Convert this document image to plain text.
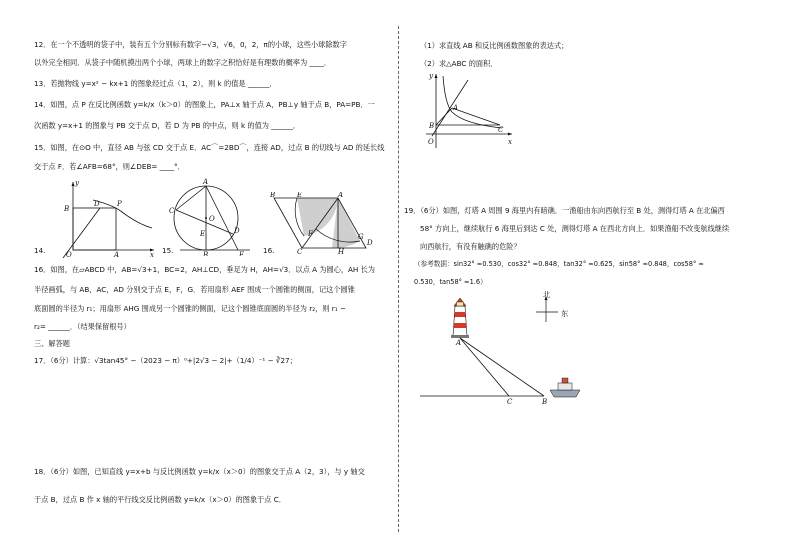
12．在一个不透明的袋子中，装有五个分别标有数字−√3，√6，0，2，π的小球，这些小球除数字
以外完全相同．从袋子中随机摸出两个小球，两球上的数字之积恰好是有理数的概率为 ____．
13．若抛物线 y=x² − kx+1 的图象经过点（1，2），则 k 的值是 ______．
14．如图，点 P 在反比例函数 y=k/x（k＞0）的图象上，PA⊥x 轴于点 A，PB⊥y 轴于点 B，PA=PB．一
次函数 y=x+1 的图象与 PB 交于点 D，若 D 为 PB 的中点，则 k 的值为 ______．
15．如图，在⊙O 中，直径 AB 与弦 CD 交于点 E．AC⌒=2BD⌒，连接 AD，过点 B 的切线与 AD 的延长线
交于点 F．若∠AFB=68°，则∠DEB= ____°．
B
D P
A
O	x
y
14.
A
C
O
E	D
B	F
15.
B	E	A
F
C	H
D
G
16.
16．如图，在▱ABCD 中，AB=√3+1，BC=2，AH⊥CD，垂足为 H，AH=√3．以点 A 为圆心，AH 长为
半径画弧，与 AB，AC，AD 分别交于点 E，F，G．若用扇形 AEF 围成一个圆锥的侧面，记这个圆锥
底面圆的半径为 r₁；用扇形 AHG 围成另一个圆锥的侧面，记这个圆锥底面圆的半径为 r₂，则 r₁ −
r₂= ______．（结果保留根号）
三、解答题
17．（6分）计算：√3tan45° −（2023 − π）⁰+|2√3 − 2|+（1/4）⁻¹ − ∛27；
18．（6分）如图，已知直线 y=x+b 与反比例函数 y=k/x（x＞0）的图象交于点 A（2，3），与 y 轴交
于点 B，过点 B 作 x 轴的平行线交反比例函数 y=k/x（x＞0）的图象于点 C．
（1）求直线 AB 和反比例函数图象的表达式；
（2）求△ABC 的面积．
y
A
B	C
O	x
19．（6分）如图，灯塔 A 周围 9 海里内有暗礁．一渔船由东向西航行至 B 处，测得灯塔 A 在北偏西
58° 方向上，继续航行 6 海里后到达 C 处，测得灯塔 A 在西北方向上．如果渔船不改变航线继续
向西航行，有没有触礁的危险？
（参考数据：sin32° ≈0.530，cos32° ≈0.848，tan32° ≈0.625，sin58° ≈0.848，cos58° ≈
0.530，tan58° ≈1.6）
A
C	B
北
东
